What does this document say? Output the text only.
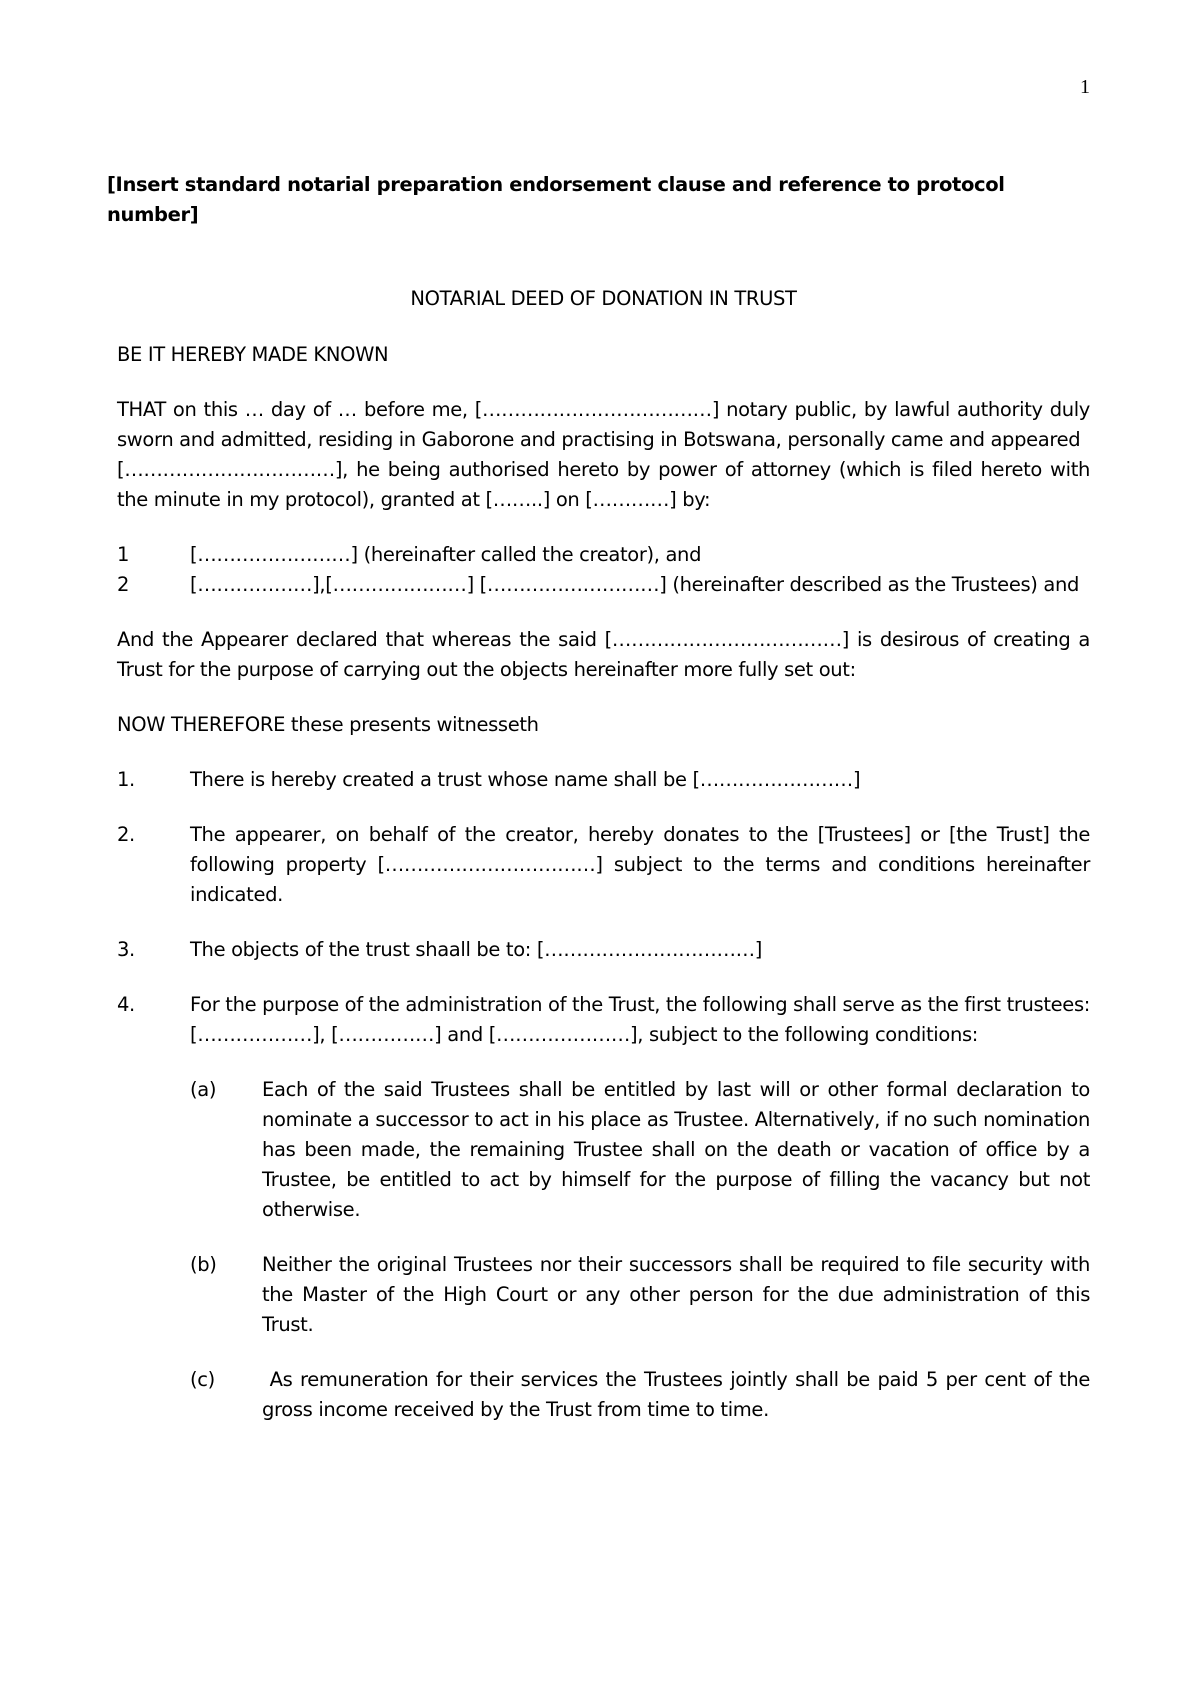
1

[Insert standard notarial preparation endorsement clause and reference to protocol number]

NOTARIAL DEED OF DONATION IN TRUST

BE IT HEREBY MADE KNOWN

THAT on this … day of … before me, [………………………………] notary public, by lawful authority duly sworn and admitted, residing in Gaborone and practising in Botswana, personally came and appeared

[……………………………], he being authorised hereto by power of attorney (which is filed hereto with the minute in my protocol), granted at [……..] on […………] by:

1	[……………………] (hereinafter called the creator), and
2	[………………],[…………………] [………………………] (hereinafter described as the Trustees) and

And the Appearer declared that whereas the said [………………………………] is desirous of creating a Trust for the purpose of carrying out the objects hereinafter more fully set out:

NOW THEREFORE these presents witnesseth

1.	There is hereby created a trust whose name shall be [……………………]
2.	The appearer, on behalf of the creator, hereby donates to the [Trustees] or [the Trust] the following property [……………………………] subject to the terms and conditions hereinafter indicated.
3.	The objects of the trust shaall be to: [……………………………]
4.	For the purpose of the administration of the Trust, the following shall serve as the first trustees:

[………………], [……………] and […………………], subject to the following conditions:

(a)	Each of the said Trustees shall be entitled by last will or other formal declaration to nominate a successor to act in his place as Trustee. Alternatively, if no such nomination has been made, the remaining Trustee shall on the death or vacation of office by a Trustee, be entitled to act by himself for the purpose of filling the vacancy but not otherwise.
(b)	Neither the original Trustees nor their successors shall be required to file security with the Master of the High Court or any other person for the due administration of this Trust.
(c)	As remuneration for their services the Trustees jointly shall be paid 5 per cent of the gross income received by the Trust from time to time.
